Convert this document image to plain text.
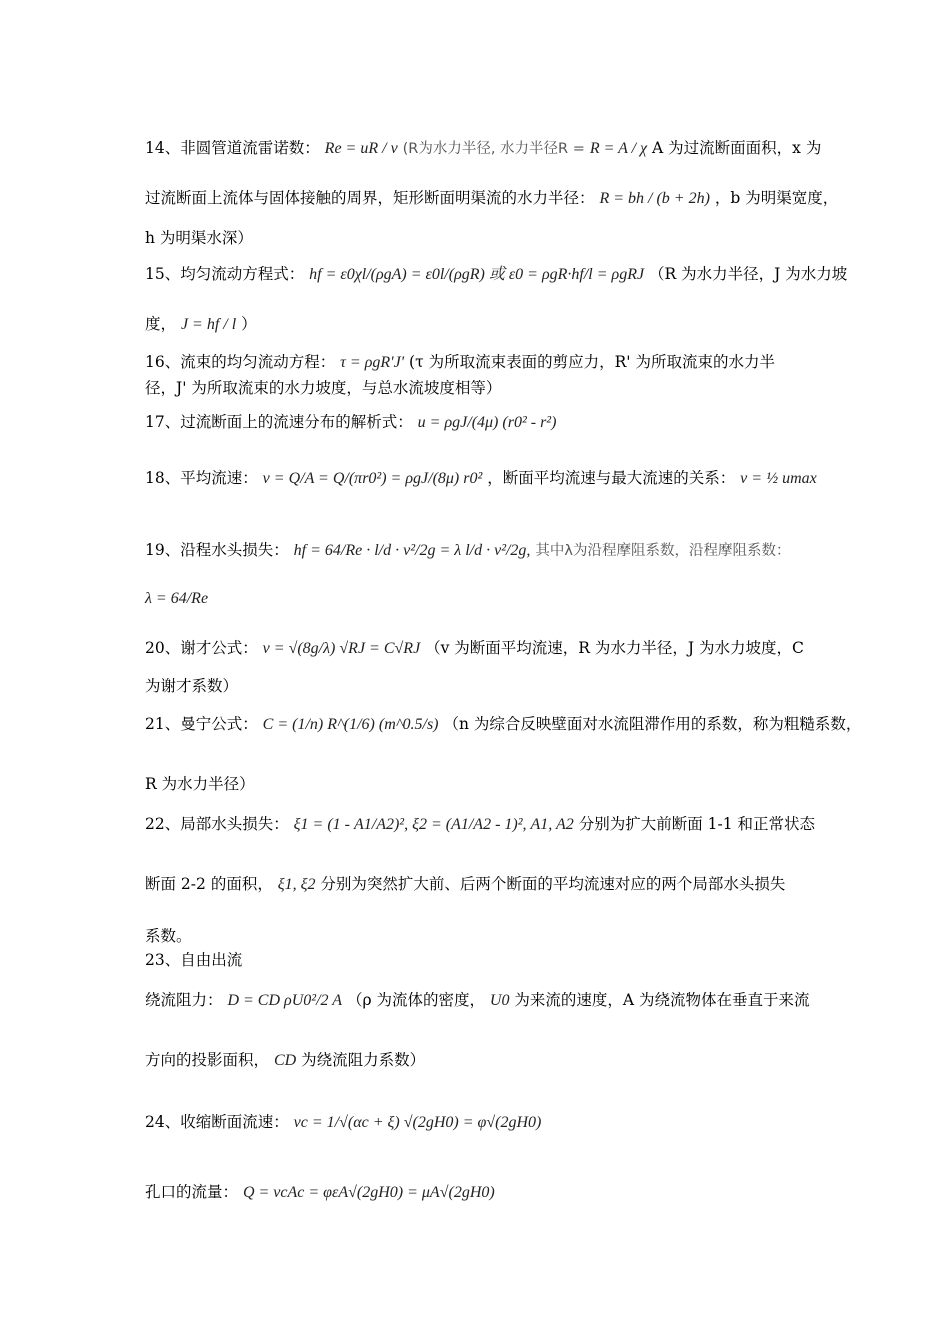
14、非圆管道流雷诺数： Re = uR / v (R为水力半径, 水力半径R = R = A / χ A 为过流断面面积，x 为
过流断面上流体与固体接触的周界，矩形断面明渠流的水力半径： R = bh / (b + 2h) ，b 为明渠宽度，
h 为明渠水深）
15、均匀流动方程式： hf = ε0χl/(ρgA) = ε0l/(ρgR) 或 ε0 = ρgR·hf/l = ρgRJ （R 为水力半径，J 为水力坡
度， J = hf / l ）
16、流束的均匀流动方程： τ = ρgR'J' (τ 为所取流束表面的剪应力，R' 为所取流束的水力半
径，J' 为所取流束的水力坡度，与总水流坡度相等）
17、过流断面上的流速分布的解析式： u = ρgJ/(4μ) (r0² - r²)
18、平均流速： v = Q/A = Q/(πr0²) = ρgJ/(8μ) r0² ，断面平均流速与最大流速的关系： v = ½ umax
19、沿程水头损失： hf = 64/Re · l/d · v²/2g = λ l/d · v²/2g, 其中λ为沿程摩阻系数，沿程摩阻系数：
λ = 64/Re
20、谢才公式： v = √(8g/λ) √RJ = C√RJ （v 为断面平均流速，R 为水力半径，J 为水力坡度，C
为谢才系数）
21、曼宁公式： C = (1/n) R^(1/6) (m^0.5/s) （n 为综合反映壁面对水流阻滞作用的系数，称为粗糙系数，
R 为水力半径）
22、局部水头损失： ξ1 = (1 - A1/A2)², ξ2 = (A1/A2 - 1)², A1, A2 分别为扩大前断面 1-1 和正常状态
断面 2-2 的面积， ξ1, ξ2 分别为突然扩大前、后两个断面的平均流速对应的两个局部水头损失
系数。
23、自由出流
绕流阻力： D = CD ρU0²/2 A （ρ 为流体的密度， U0 为来流的速度，A 为绕流物体在垂直于来流
方向的投影面积， CD 为绕流阻力系数）
24、收缩断面流速： vc = 1/√(αc + ξ) √(2gH0) = φ√(2gH0)
孔口的流量： Q = vcAc = φεA√(2gH0) = μA√(2gH0)
